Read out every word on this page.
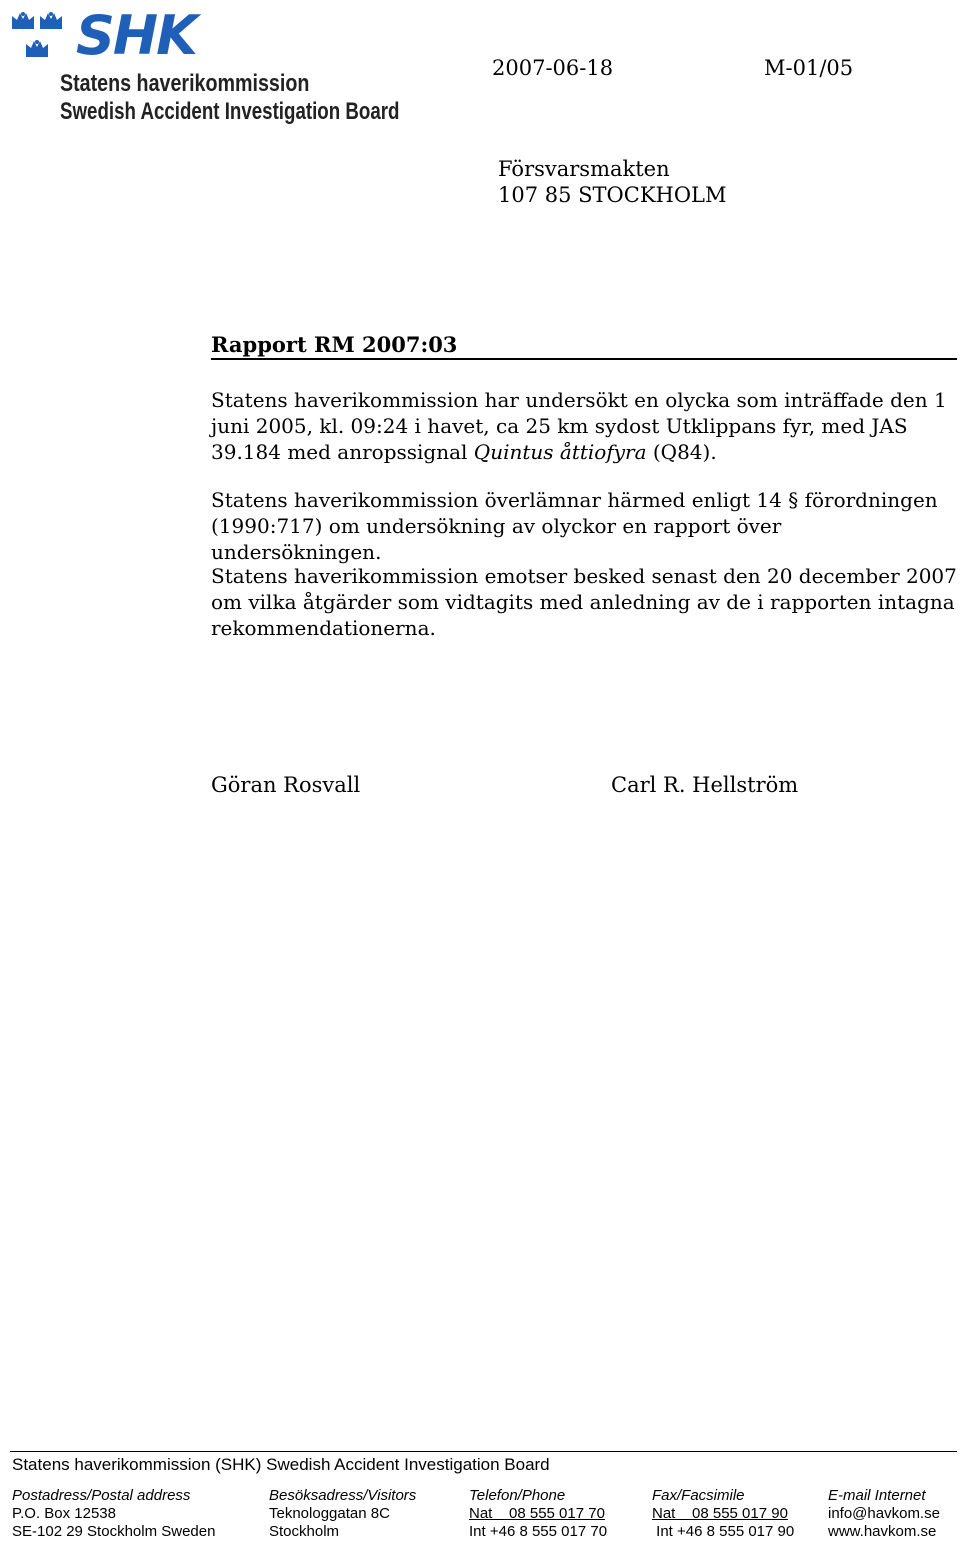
SHK
Statens haverikommission
Swedish Accident Investigation Board
2007-06-18	M-01/05
Försvarsmakten
107 85 STOCKHOLM
Rapport RM 2007:03
Statens haverikommission har undersökt en olycka som inträffade den 1 juni 2005, kl. 09:24 i havet, ca 25 km sydost Utklippans fyr, med JAS 39.184 med anropssignal Quintus åttiofyra (Q84).
Statens haverikommission överlämnar härmed enligt 14 § förordningen (1990:717) om undersökning av olyckor en rapport över undersökningen.
Statens haverikommission emotser besked senast den 20 december 2007 om vilka åtgärder som vidtagits med anledning av de i rapporten intagna rekommendationerna.
Göran Rosvall	Carl R. Hellström
Statens haverikommission (SHK) Swedish Accident Investigation Board
Postadress/Postal address
P.O. Box 12538
SE-102 29 Stockholm Sweden
Besöksadress/Visitors
Teknologgatan 8C
Stockholm
Telefon/Phone
Nat    08 555 017 70
Int +46 8 555 017 70
Fax/Facsimile
Nat    08 555 017 90
Int +46 8 555 017 90
E-mail Internet
info@havkom.se
www.havkom.se
